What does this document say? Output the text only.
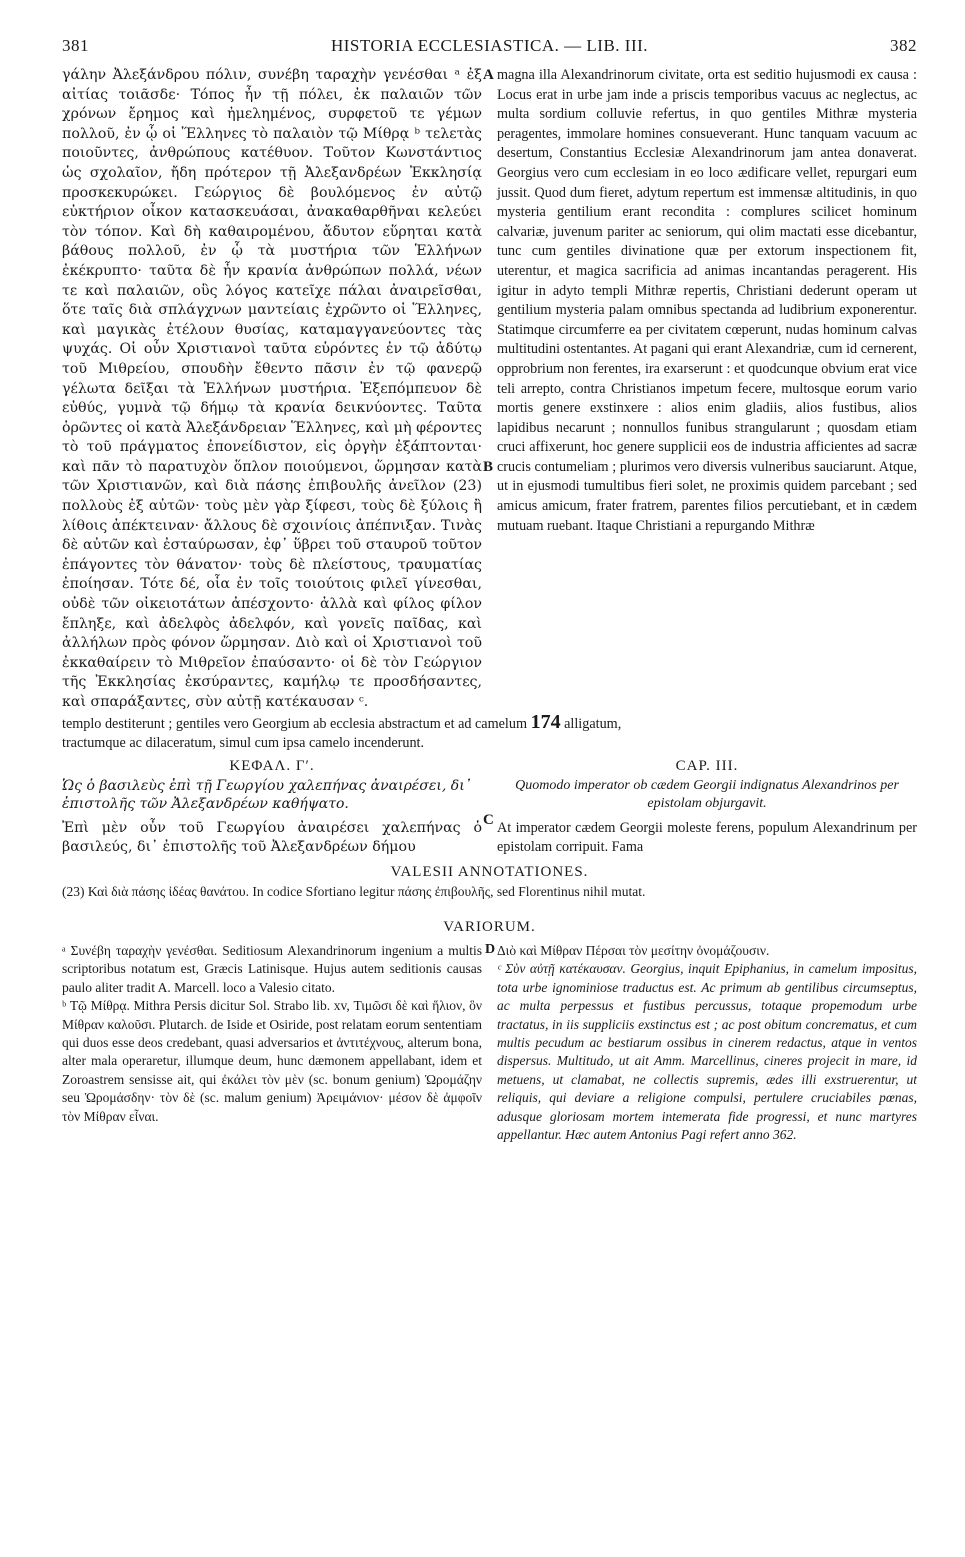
381	HISTORIA ECCLESIASTICA. — LIB. III.	382

γάλην Ἀλεξάνδρου πόλιν, συνέβη ταραχὴν γενέσθαι ᵃ ἐξ αἰτίας τοιᾶσδε· Τόπος ἦν τῇ πόλει, ἐκ παλαιῶν τῶν χρόνων ἔρημος καὶ ἠμελημένος, συρφετοῦ τε γέμων πολλοῦ, ἐν ᾧ οἱ Ἕλληνες τὸ παλαιὸν τῷ Μίθρᾳ ᵇ τελετὰς ποιοῦντες, ἀνθρώπους κατέθυον. Τοῦτον Κωνστάντιος ὡς σχολαῖον, ἤδη πρότερον τῇ Ἀλεξανδρέων Ἐκκλησίᾳ προσκεκυρώκει. Γεώργιος δὲ βουλόμενος ἐν αὐτῷ εὐκτήριον οἶκον κατασκευάσαι, ἀνακαθαρθῆναι κελεύει τὸν τόπον. Καὶ δὴ καθαιρομένου, ἄδυτον εὕρηται κατὰ βάθους πολλοῦ, ἐν ᾧ τὰ μυστήρια τῶν Ἑλλήνων ἐκέκρυπτο· ταῦτα δὲ ἦν κρανία ἀνθρώπων πολλά, νέων τε καὶ παλαιῶν, οὓς λόγος κατεῖχε πάλαι ἀναιρεῖσθαι, ὅτε ταῖς διὰ σπλάγχνων μαντείαις ἐχρῶντο οἱ Ἕλληνες, καὶ μαγικὰς ἐτέλουν θυσίας, καταμαγγανεύοντες τὰς ψυχάς. Οἱ οὖν Χριστιανοὶ ταῦτα εὑρόντες ἐν τῷ ἀδύτῳ τοῦ Μιθρείου, σπουδὴν ἔθεντο πᾶσιν ἐν τῷ φανερῷ γέλωτα δεῖξαι τὰ Ἑλλήνων μυστήρια. Ἐξεπόμπευον δὲ εὐθύς, γυμνὰ τῷ δήμῳ τὰ κρανία δεικνύοντες. Ταῦτα ὁρῶντες οἱ κατὰ Ἀλεξάνδρειαν Ἕλληνες, καὶ μὴ φέροντες τὸ τοῦ πράγματος ἐπονείδιστον, εἰς ὀργὴν ἐξάπτονται· καὶ πᾶν τὸ παρατυχὸν ὅπλον ποιούμενοι, ὥρμησαν κατὰ τῶν Χριστιανῶν, καὶ διὰ πάσης ἐπιβουλῆς ἀνεῖλον (23) πολλοὺς ἐξ αὐτῶν· τοὺς μὲν γὰρ ξίφεσι, τοὺς δὲ ξύλοις ἢ λίθοις ἀπέκτειναν· ἄλλους δὲ σχοινίοις ἀπέπνιξαν. Τινὰς δὲ αὐτῶν καὶ ἐσταύρωσαν, ἐφ᾽ ὕβρει τοῦ σταυροῦ τοῦτον ἐπάγοντες τὸν θάνατον· τοὺς δὲ πλείστους, τραυματίας ἐποίησαν. Τότε δέ, οἷα ἐν τοῖς τοιούτοις φιλεῖ γίνεσθαι, οὐδὲ τῶν οἰκειοτάτων ἀπέσχοντο· ἀλλὰ καὶ φίλος φίλον ἔπληξε, καὶ ἀδελφὸς ἀδελφόν, καὶ γονεῖς παῖδας, καὶ ἀλλήλων πρὸς φόνον ὥρμησαν. Διὸ καὶ οἱ Χριστιανοὶ τοῦ ἐκκαθαίρειν τὸ Μιθρεῖον ἐπαύσαντο· οἱ δὲ τὸν Γεώργιον τῆς Ἐκκλησίας ἐκσύραντες, καμήλῳ τε προσδήσαντες, καὶ σπαράξαντες, σὺν αὐτῇ κατέκαυσαν ᶜ.

A
B
C

magna illa Alexandrinorum civitate, orta est seditio hujusmodi ex causa : Locus erat in urbe jam inde a priscis temporibus vacuus ac neglectus, ac multa sordium colluvie refertus, in quo gentiles Mithræ mysteria peragentes, immolare homines consueverant. Hunc tanquam vacuum ac desertum, Constantius Ecclesiæ Alexandrinorum jam antea donaverat. Georgius vero cum ecclesiam in eo loco ædificare vellet, repurgari eum jussit. Quod dum fieret, adytum repertum est immensæ altitudinis, in quo mysteria gentilium erant recondita : complures scilicet hominum calvariæ, juvenum pariter ac seniorum, qui olim mactati esse dicebantur, tunc cum gentiles divinatione quæ per extorum inspectionem fit, uterentur, et magica sacrificia ad animas incantandas peragerent. His igitur in adyto templi Mithræ repertis, Christiani dederunt operam ut gentilium mysteria palam omnibus spectanda ad ludibrium exponerentur. Statimque circumferre ea per civitatem cœperunt, nudas hominum calvas multitudini ostentantes. At pagani qui erant Alexandriæ, cum id cernerent, opprobrium non ferentes, ira exarserunt : et quodcunque obvium erat vice teli arrepto, contra Christianos impetum fecere, multosque eorum vario mortis genere exstinxere : alios enim gladiis, alios fustibus, alios lapidibus necarunt ; nonnullos funibus strangularunt ; quosdam etiam cruci affixerunt, hoc genere supplicii eos de industria afficientes ad sacræ crucis contumeliam ; plurimos vero diversis vulneribus sauciarunt. Atque, ut in ejusmodi tumultibus fieri solet, ne proximis quidem parcebant ; sed amicus amicum, frater fratrem, parentes filios percutiebant, et in cædem mutuam ruebant. Itaque Christiani a repurgando Mithræ

templo destiterunt ; gentiles vero Georgium ab ecclesia abstractum et ad camelum 174 alligatum,
tractumque ac dilaceratum, simul cum ipsa camelo incenderunt.
ΚΕΦΑΛ. Γʹ.
Ὡς ὁ βασιλεὺς ἐπὶ τῇ Γεωργίου χαλεπήνας ἀναιρέσει, δι᾽ ἐπιστολῆς τῶν Ἀλεξανδρέων καθήψατο.
Ἐπὶ μὲν οὖν τοῦ Γεωργίου ἀναιρέσει χαλεπήνας ὁ βασιλεύς, δι᾽ ἐπιστολῆς τοῦ Ἀλεξανδρέων δήμου
CAP. III.
Quomodo imperator ob cædem Georgii indignatus Alexandrinos per epistolam objurgavit.
At imperator cædem Georgii moleste ferens, populum Alexandrinum per epistolam corripuit. Fama
VALESII ANNOTATIONES.
(23) Καὶ διὰ πάσης ἰδέας θανάτου. In codice Sfortiano legitur πάσης ἐπιβουλῆς, sed Florentinus nihil mutat.
VARIORUM.

ᵃ Συνέβη ταραχὴν γενέσθαι. Seditiosum Alexandrinorum ingenium a multis scriptoribus notatum est, Græcis Latinisque. Hujus autem seditionis causas paulo aliter tradit A. Marcell. loco a Valesio citato.

ᵇ Τῷ Μίθρᾳ. Mithra Persis dicitur Sol. Strabo lib. xv, Τιμῶσι δὲ καὶ ἥλιον, ὃν Μίθραν καλοῦσι. Plutarch. de Iside et Osiride, post relatam eorum sententiam qui duos esse deos credebant, quasi adversarios et ἀντιτέχνους, alterum bona, alter mala operaretur, illumque deum, hunc dæmonem appellabant, idem et Zoroastrem sensisse ait, qui ἐκάλει τὸν μὲν (sc. bonum genium) Ὡρομάζην seu Ὡρομάσδην· τὸν δὲ (sc. malum genium) Ἀρειμάνιον· μέσον δὲ ἀμφοῖν τὸν Μίθραν εἶναι.

D Διὸ καὶ Μίθραν Πέρσαι τὸν μεσίτην ὀνομάζουσιν.

ᶜ Σὺν αὐτῇ κατέκαυσαν. Georgius, inquit Epiphanius, in camelum impositus, tota urbe ignominiose traductus est. Ac primum ab gentilibus circumseptus, ac multa perpessus et fustibus percussus, totaque propemodum urbe tractatus, in iis suppliciis exstinctus est ; ac post obitum concrematus, et cum multis pecudum ac bestiarum ossibus in cinerem redactus, atque in ventos dispersus. Multitudo, ut ait Amm. Marcellinus, cineres projecit in mare, id metuens, ut clamabat, ne collectis supremis, ædes illi exstruerentur, ut reliquis, qui deviare a religione compulsi, pertulere cruciabiles pœnas, adusque gloriosam mortem intemerata fide progressi, et nunc martyres appellantur. Hæc autem Antonius Pagi refert anno 362.
